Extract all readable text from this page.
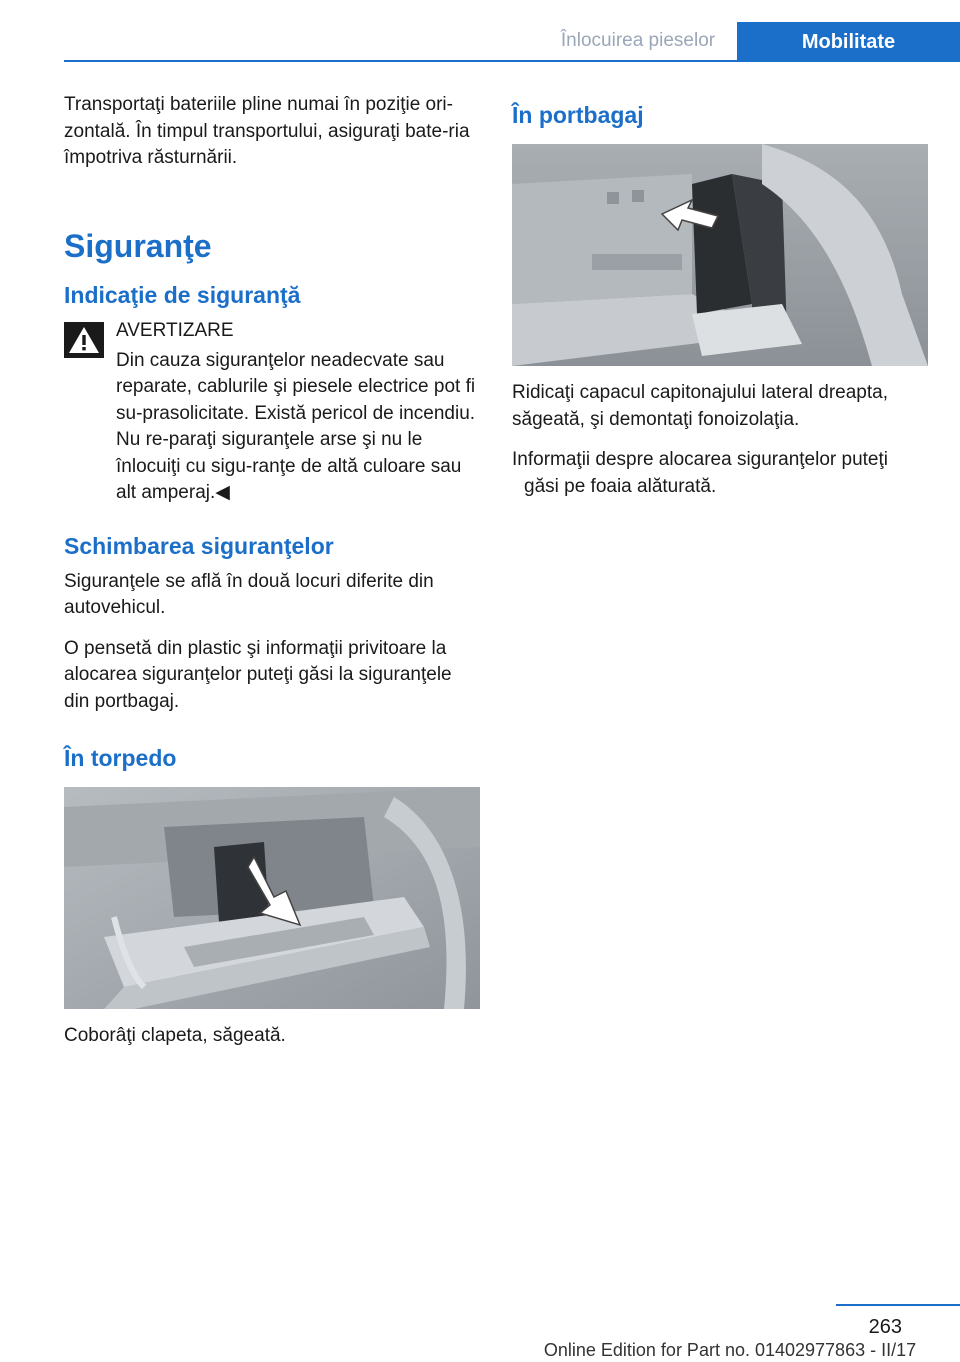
Înlocuirea pieselor	Mobilitate

Transportaţi bateriile pline numai în poziţie ori‐zontală. În timpul transportului, asiguraţi bate‐ria împotriva răsturnării.

Siguranţe
Indicaţie de siguranţă

AVERTIZARE

Din cauza siguranţelor neadecvate sau reparate, cablurile şi piesele electrice pot fi su‐prasolicitate. Există pericol de incendiu. Nu re‐paraţi siguranţele arse şi nu le înlocuiţi cu sigu‐ranţe de altă culoare sau alt amperaj.◀

Schimbarea siguranţelor

Siguranţele se află în două locuri diferite din autovehicul.

O pensetă din plastic şi informaţii privitoare la alocarea siguranţelor puteţi găsi la siguranţele din portbagaj.

În torpedo

Coborâţi clapeta, săgeată.

În portbagaj

Ridicaţi capacul capitonajului lateral dreapta, săgeată, şi demontaţi fonoizolaţia.

Informaţii despre alocarea siguranţelor puteţi găsi pe foaia alăturată.

263
Online Edition for Part no. 01402977863 - II/17
